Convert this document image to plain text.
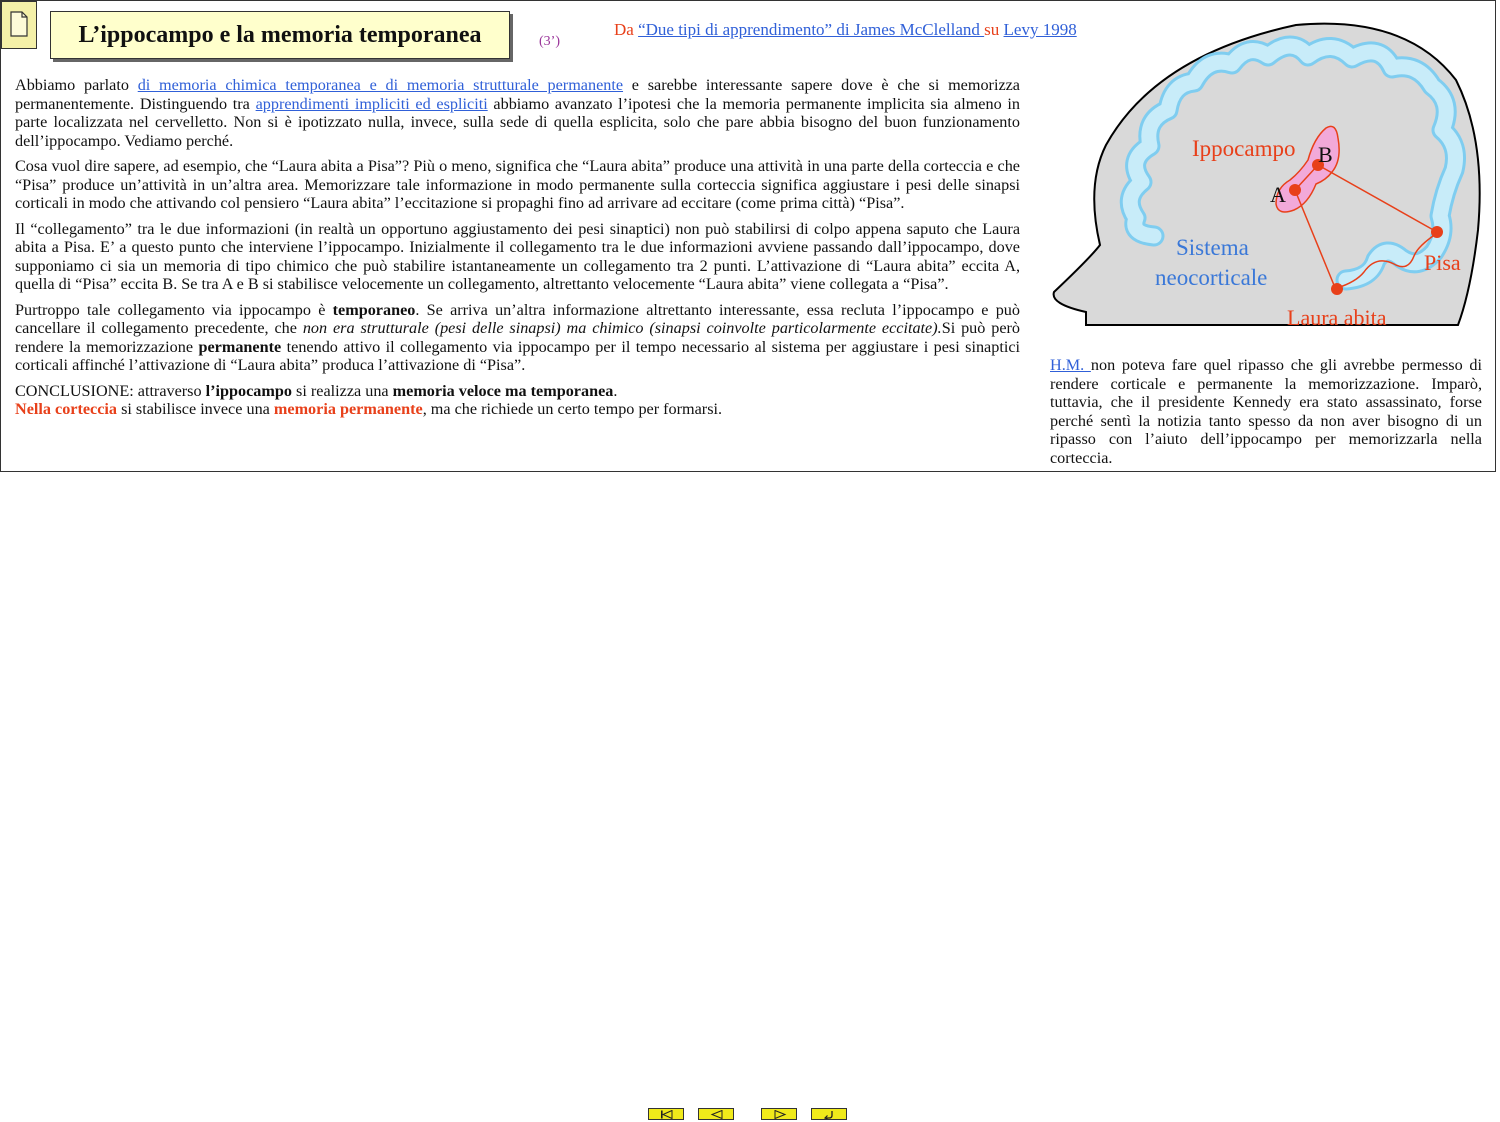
L’ippocampo e la memoria temporanea	(3’)
Da “Due tipi di apprendimento” di James McClelland su Levy 1998

Abbiamo parlato di memoria chimica temporanea e di memoria strutturale permanente e sarebbe interessante sapere dove è che si memorizza permanentemente. Distinguendo tra apprendimenti impliciti ed espliciti abbiamo avanzato l’ipotesi che la memoria permanente implicita sia almeno in parte localizzata nel cervelletto. Non si è ipotizzato nulla, invece, sulla sede di quella esplicita, solo che pare abbia bisogno del buon funzionamento dell’ippocampo. Vediamo perché.

Cosa vuol dire sapere, ad esempio, che “Laura abita a Pisa”? Più o meno, significa che “Laura abita” produce una attività in una parte della corteccia e che “Pisa” produce un’attività in un’altra area. Memorizzare tale informazione in modo permanente sulla corteccia significa aggiustare i pesi delle sinapsi corticali in modo che attivando col pensiero “Laura abita” l’eccitazione si propaghi fino ad arrivare ad eccitare (come prima città) “Pisa”.

Il “collegamento” tra le due informazioni (in realtà un opportuno aggiustamento dei pesi sinaptici) non può stabilirsi di colpo appena saputo che Laura abita a Pisa. E’ a questo punto che interviene l’ippocampo. Inizialmente il collegamento tra le due informazioni avviene passando dall’ippocampo, dove supponiamo ci sia un memoria di tipo chimico che può stabilire istantaneamente un collegamento tra 2 punti. L’attivazione di “Laura abita” eccita A, quella di “Pisa” eccita B. Se tra A e B si stabilisce velocemente un collegamento, altrettanto velocemente “Laura abita” viene collegata a “Pisa”.

Purtroppo tale collegamento via ippocampo è temporaneo. Se arriva un’altra informazione altrettanto interessante, essa recluta l’ippocampo e può cancellare il collegamento precedente, che non era strutturale (pesi delle sinapsi) ma chimico (sinapsi coinvolte particolarmente eccitate).Si può però rendere la memorizzazione permanente tenendo attivo il collegamento via ippocampo per il tempo necessario al sistema per aggiustare i pesi sinaptici corticali affinché l’attivazione di “Laura abita” produca l’attivazione di “Pisa”.

CONCLUSIONE: attraverso l’ippocampo si realizza una memoria veloce ma temporanea.
Nella corteccia si stabilisce invece una memoria permanente, ma che richiede un certo tempo per formarsi.

Ippocampo B
A
Sistema
neocorticale
Pisa
Laura abita
H.M. non poteva fare quel ripasso che gli avrebbe permesso di rendere corticale e permanente la memorizzazione. Imparò, tuttavia, che il presidente Kennedy era stato assassinato, forse perché sentì la notizia tanto spesso da non aver bisogno di un ripasso con l’aiuto dell’ippocampo per memorizzarla nella corteccia.
